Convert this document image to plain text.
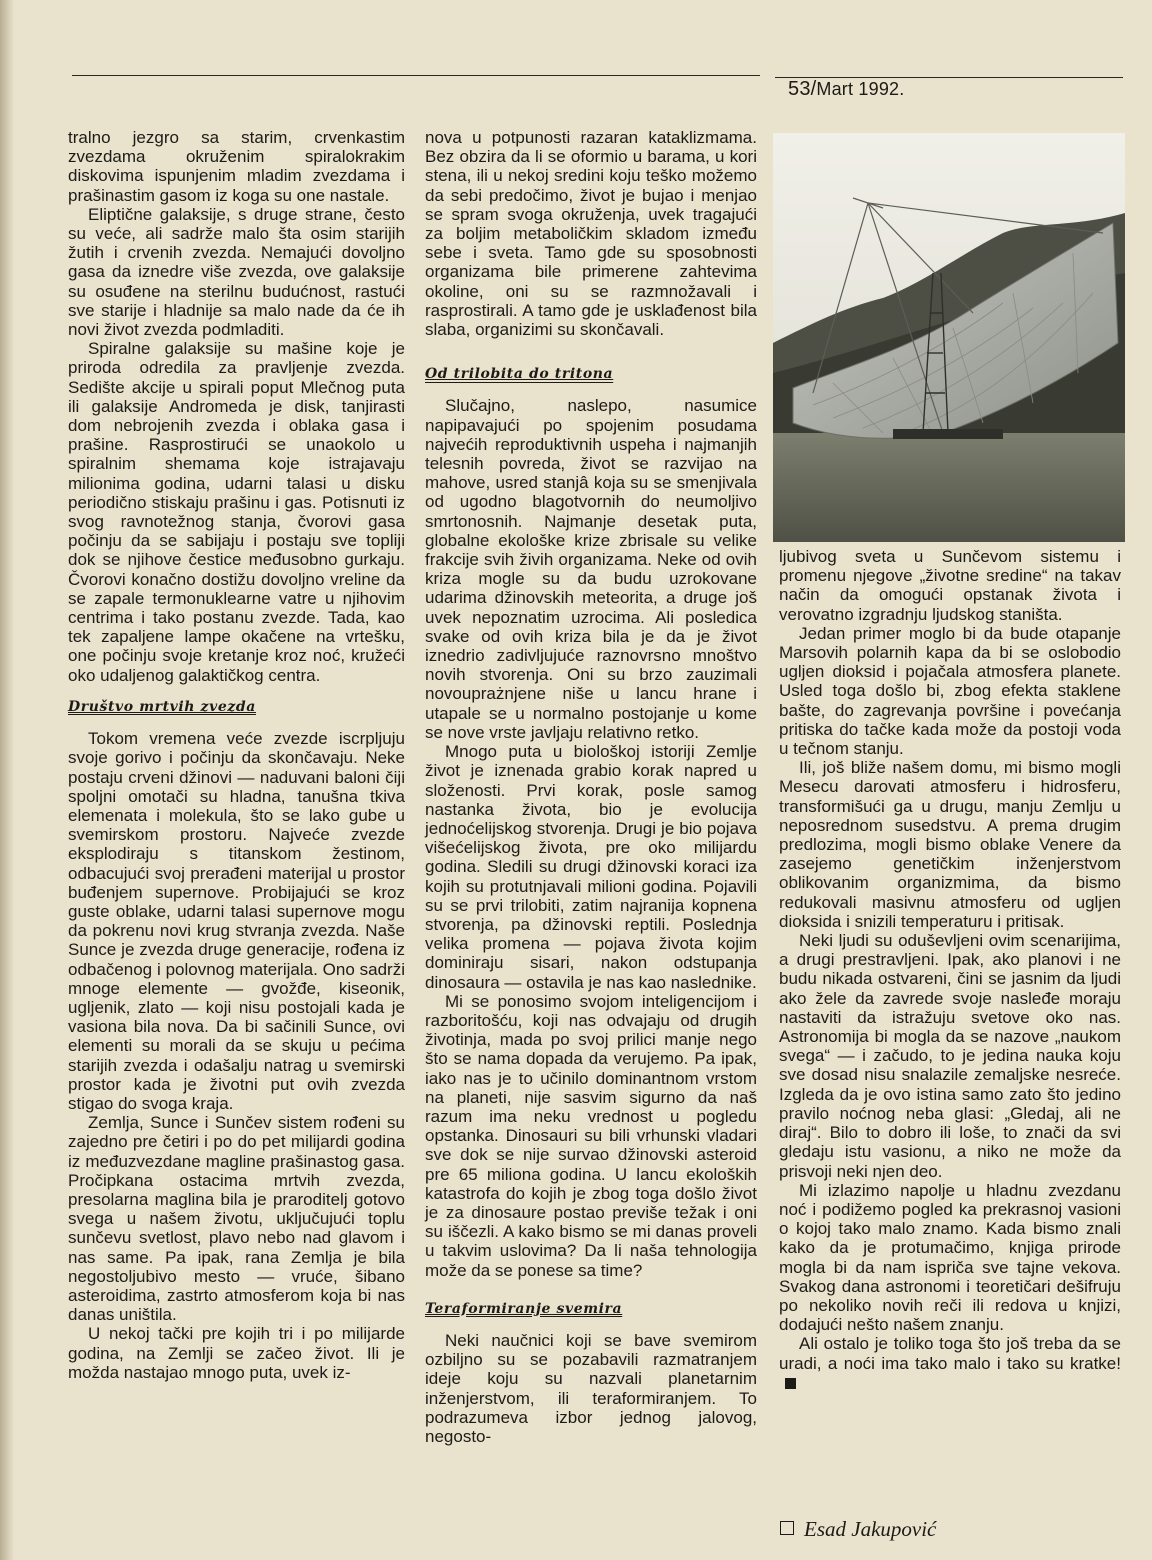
53/Mart 1992.

tralno jezgro sa starim, crvenkastim zvezdama okruženim spiralokrakim diskovima ispunjenim mladim zvezdama i prašinastim gasom iz koga su one nastale.

Eliptične galaksije, s druge strane, često su veće, ali sadrže malo šta osim starijih žutih i crvenih zvezda. Nemajući dovoljno gasa da iznedre više zvezda, ove galaksije su osuđene na sterilnu budućnost, rastući sve starije i hladnije sa malo nade da će ih novi život zvezda podmladiti.

Spiralne galaksije su mašine koje je priroda odredila za pravljenje zvezda. Sedište akcije u spirali poput Mlečnog puta ili galaksije Andromeda je disk, tanjirasti dom nebrojenih zvezda i oblaka gasa i prašine. Rasprostirući se unaokolo u spiralnim shemama koje istrajavaju milionima godina, udarni talasi u disku periodično stiskaju prašinu i gas. Potisnuti iz svog ravnotežnog stanja, čvorovi gasa počinju da se sabijaju i postaju sve topliji dok se njihove čestice međusobno gurkaju. Čvorovi konačno dostižu dovoljno vreline da se zapale termonuklearne vatre u njihovim centrima i tako postanu zvezde. Tada, kao tek zapaljene lampe okačene na vrtešku, one počinju svoje kretanje kroz noć, kružeći oko udaljenog galaktičkog centra.

Društvo mrtvih zvezda

Tokom vremena veće zvezde iscrpljuju svoje gorivo i počinju da skončavaju. Neke postaju crveni džinovi — naduvani baloni čiji spoljni omotači su hladna, tanušna tkiva elemenata i molekula, što se lako gube u svemirskom prostoru. Najveće zvezde eksplodiraju s titanskom žestinom, odbacujući svoj prerađeni materijal u prostor buđenjem supernove. Probijajući se kroz guste oblake, udarni talasi supernove mogu da pokrenu novi krug stvranja zvezda. Naše Sunce je zvezda druge generacije, rođena iz odbačenog i polovnog materijala. Ono sadrži mnoge elemente — gvožđe, kiseonik, ugljenik, zlato — koji nisu postojali kada je vasiona bila nova. Da bi sačinili Sunce, ovi elementi su morali da se skuju u pećima starijih zvezda i odašalju natrag u svemirski prostor kada je životni put ovih zvezda stigao do svoga kraja.

Zemlja, Sunce i Sunčev sistem rođeni su zajedno pre četiri i po do pet milijardi godina iz međuzvezdane magline prašinastog gasa. Pročipkana ostacima mrtvih zvezda, presolarna maglina bila je praroditelj gotovo svega u našem životu, uključujući toplu sunčevu svetlost, plavo nebo nad glavom i nas same. Pa ipak, rana Zemlja je bila negostoljubivo mesto — vruće, šibano asteroidima, zastrto atmosferom koja bi nas danas uništila.

U nekoj tački pre kojih tri i po milijarde godina, na Zemlji se začeo život. Ili je možda nastajao mnogo puta, uvek iz-

nova u potpunosti razaran kataklizmama. Bez obzira da li se oformio u barama, u kori stena, ili u nekoj sredini koju teško možemo da sebi predočimo, život je bujao i menjao se spram svoga okruženja, uvek tragajući za boljim metaboličkim skladom između sebe i sveta. Tamo gde su sposobnosti organizama bile primerene zahtevima okoline, oni su se razmnožavali i rasprostirali. A tamo gde je usklađenost bila slaba, organizimi su skončavali.

Od trilobita do tritona

Slučajno, naslepo, nasumice napipavajući po spojenim posudama najvećih reproduktivnih uspeha i najmanjih telesnih povreda, život se razvijao na mahove, usred stanjâ koja su se smenjivala od ugodno blagotvornih do neumoljivo smrtonosnih. Najmanje desetak puta, globalne ekološke krize zbrisale su velike frakcije svih živih organizama. Neke od ovih kriza mogle su da budu uzrokovane udarima džinovskih meteorita, a druge još uvek nepoznatim uzrocima. Ali posledica svake od ovih kriza bila je da je život iznedrio zadivljujuće raznovrsno mnoštvo novih stvorenja. Oni su brzo zauzimali novouprażnjene niše u lancu hrane i utapale se u normalno postojanje u kome se nove vrste javljaju relativno retko.

Mnogo puta u biološkoj istoriji Zemlje život je iznenada grabio korak napred u složenosti. Prvi korak, posle samog nastanka života, bio je evolucija jednoćelijskog stvorenja. Drugi je bio pojava višećelijskog života, pre oko milijardu godina. Sledili su drugi džinovski koraci iza kojih su protutnjavali milioni godina. Pojavili su se prvi trilobiti, zatim najranija kopnena stvorenja, pa džinovski reptili. Poslednja velika promena — pojava života kojim dominiraju sisari, nakon odstupanja dinosaura — ostavila je nas kao naslednike.

Mi se ponosimo svojom inteligencijom i razboritošću, koji nas odvajaju od drugih životinja, mada po svoj prilici manje nego što se nama dopada da verujemo. Pa ipak, iako nas je to učinilo dominantnom vrstom na planeti, nije sasvim sigurno da naš razum ima neku vrednost u pogledu opstanka. Dinosauri su bili vrhunski vladari sve dok se nije survao džinovski asteroid pre 65 miliona godina. U lancu ekoloških katastrofa do kojih je zbog toga došlo život je za dinosaure postao previše težak i oni su iščezli. A kako bismo se mi danas proveli u takvim uslovima? Da li naša tehnologija može da se ponese sa time?

Teraformiranje svemira

Neki naučnici koji se bave svemirom ozbiljno su se pozabavili razmatranjem ideje koju su nazvali planetarnim inženjerstvom, ili teraformiranjem. To podrazumeva izbor jednog jalovog, negosto-

ljubivog sveta u Sunčevom sistemu i promenu njegove „životne sredine“ na takav način da omogući opstanak života i verovatno izgradnju ljudskog staništa.

Jedan primer moglo bi da bude otapanje Marsovih polarnih kapa da bi se oslobodio ugljen dioksid i pojačala atmosfera planete. Usled toga došlo bi, zbog efekta staklene bašte, do zagrevanja površine i povećanja pritiska do tačke kada može da postoji voda u tečnom stanju.

Ili, još bliže našem domu, mi bismo mogli Mesecu darovati atmosferu i hidrosferu, transformišući ga u drugu, manju Zemlju u neposrednom susedstvu. A prema drugim predlozima, mogli bismo oblake Venere da zasejemo genetičkim inženjerstvom oblikovanim organizmima, da bismo redukovali masivnu atmosferu od ugljen dioksida i snizili temperaturu i pritisak.

Neki ljudi su oduševljeni ovim scenarijima, a drugi prestravljeni. Ipak, ako planovi i ne budu nikada ostvareni, čini se jasnim da ljudi ako žele da zavrede svoje nasleđe moraju nastaviti da istražuju svetove oko nas. Astronomija bi mogla da se nazove „naukom svega“ — i začudo, to je jedina nauka koju sve dosad nisu snalazile zemaljske nesreće. Izgleda da je ovo istina samo zato što jedino pravilo noćnog neba glasi: „Gledaj, ali ne diraj“. Bilo to dobro ili loše, to znači da svi gledaju istu vasionu, a niko ne može da prisvoji neki njen deo.

Mi izlazimo napolje u hladnu zvezdanu noć i podižemo pogled ka prekrasnoj vasioni o kojoj tako malo znamo. Kada bismo znali kako da je protumačimo, knjiga prirode mogla bi da nam ispriča sve tajne vekova. Svakog dana astronomi i teoretičari dešifruju po nekoliko novih reči ili redova u knjizi, dodajući nešto našem znanju.

Ali ostalo je toliko toga što još treba da se uradi, a noći ima tako malo i tako su kratke!

Esad Jakupović
